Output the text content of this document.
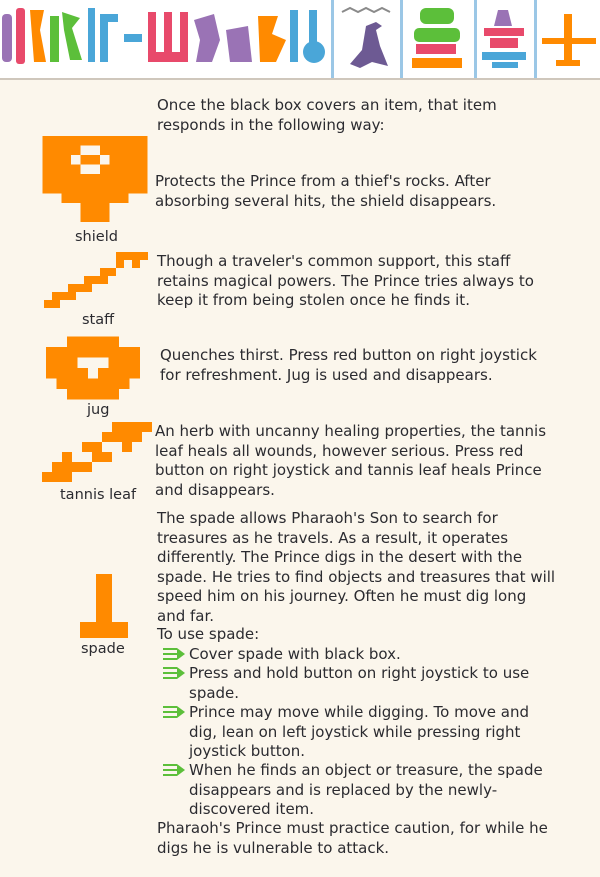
Once the black box covers an item, that item responds in the following way:

shield

Protects the Prince from a thief's rocks. After absorbing several hits, the shield disappears.

staff

Though a traveler's common support, this staff retains magical powers. The Prince tries always to keep it from being stolen once he finds it.

jug

Quenches thirst. Press red button on right joystick for refreshment. Jug is used and disappears.

tannis leaf

An herb with uncanny healing properties, the tannis leaf heals all wounds, however serious. Press red button on right joystick and tannis leaf heals Prince and disappears.

spade

The spade allows Pharaoh's Son to search for treasures as he travels. As a result, it operates differently. The Prince digs in the desert with the spade. He tries to find objects and treasures that will speed him on his journey. Often he must dig long and far.

To use spade:

Cover spade with black box.
Press and hold button on right joystick to use spade.
Prince may move while digging. To move and dig, lean on left joystick while pressing right joystick button.
When he finds an object or treasure, the spade disappears and is replaced by the newly-discovered item.

Pharaoh's Prince must practice caution, for while he digs he is vulnerable to attack.
